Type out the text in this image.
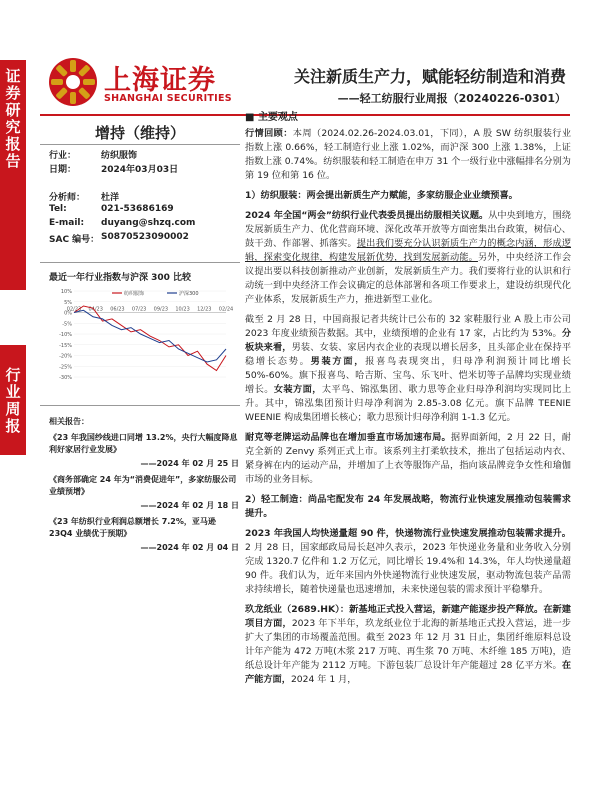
证券研究报告
行业周报
上海证券
SHANGHAI SECURITIES
关注新质生产力，赋能轻纺制造和消费
——轻工纺服行业周报（20240226-0301）
增持（维持）
行业：	纺织服饰
日期：	2024年03月03日
分析师： 杜洋
Tel:	021-53686169
E-mail: duyang@shzq.com
SAC 编号： S0870523090002
最近一年行业指数与沪深 300 比较
10%
5%
0%
-5%
-10%
-15%
-20%
-25%
-30%
02/23 04/23 06/23 07/23 09/23 10/23 12/23 02/24
纺织服饰	沪深300
相关报告：
《23 年我国纱线进口同增 13.2%，央行大幅度降息利好家居行业发展》
——2024 年 02 月 25 日
《商务部确定 24 年为“消费促进年”，多家纺服公司业绩预增》
——2024 年 02 月 18 日
《23 年纺织行业利润总额增长 7.2%，亚马逊 23Q4 业绩优于预期》
——2024 年 02 月 04 日
■ 主要观点

行情回顾：本周（2024.02.26-2024.03.01，下同），A 股 SW 纺织服装行业指数上涨 0.66%，轻工制造行业上涨 1.02%，而沪深 300 上涨 1.38%，上证指数上涨 0.74%。纺织服装和轻工制造在申万 31 个一级行业中涨幅排名分别为第 19 位和第 16 位。

1）纺织服装：两会提出新质生产力赋能，多家纺服企业业绩预喜。

2024 年全国“两会”纺织行业代表委员提出纺服相关议题。从中央到地方，围绕发展新质生产力、优化营商环境、深化改革开放等方面密集出台政策，树信心、鼓干劲、作部署、抓落实。提出我们要充分认识新质生产力的概念内涵，形成逻辑，探索变化规律，构建发展新优势，找到发展新动能。另外，中央经济工作会议提出要以科技创新推动产业创新，发展新质生产力。我们要将行业的认识和行动统一到中央经济工作会议确定的总体部署和各项工作要求上，建设纺织现代化产业体系，发展新质生产力，推进新型工业化。

截至 2 月 28 日，中国商报记者共统计已公布的 32 家鞋服行业 A 股上市公司 2023 年度业绩预告数据。其中，业绩预增的企业有 17 家，占比约为 53%。分板块来看，男装、女装、家居内衣企业的表现以增长居多，且头部企业在保持平稳增长态势。男装方面，报喜鸟表现突出，归母净利润预计同比增长 50%-60%。旗下报喜鸟、哈吉斯、宝鸟、乐飞叶、恺米切等子品牌均实现业绩增长。女装方面，太平鸟、锦泓集团、歌力思等企业归母净利润均实现同比上升。其中，锦泓集团预计归母净利润为 2.85-3.08 亿元。旗下品牌 TEENIE WEENIE 构成集团增长核心；歌力思预计归母净利润 1-1.3 亿元。

耐克等老牌运动品牌也在增加垂直市场加速布局。据界面新闻，2 月 22 日，耐克全新的 Zenvy 系列正式上市。该系列主打柔软技术，推出了包括运动内衣、紧身裤在内的运动产品，并增加了上衣等服饰产品，指向该品牌竞争女性和瑜伽市场的业务目标。

2）轻工制造：尚品宅配发布 24 年发展战略，物流行业快速发展推动包装需求提升。

2023 年我国人均快递量超 90 件，快递物流行业快速发展推动包装需求提升。2 月 28 日，国家邮政局局长赵冲久表示，2023 年快递业务量和业务收入分别完成 1320.7 亿件和 1.2 万亿元，同比增长 19.4%和 14.3%，年人均快递量超 90 件。我们认为，近年来国内外快递物流行业快速发展，驱动物流包装产品需求持续增长，随着快递量也迅速增加，未来快递包装的需求预计平稳攀升。

玖龙纸业（2689.HK）：新基地正式投入营运，新建产能逐步投产释放。在新建项目方面，2023 年下半年，玖龙纸业位于北海的新基地正式投入营运，进一步扩大了集团的市场覆盖范围。截至 2023 年 12 月 31 日止，集团纤维原料总设计年产能为 472 万吨(木浆 217 万吨、再生浆 70 万吨、木纤维 185 万吨)，造纸总设计年产能为 2112 万吨。下游包装厂总设计年产能超过 28 亿平方米。在产能方面，2024 年 1 月，
